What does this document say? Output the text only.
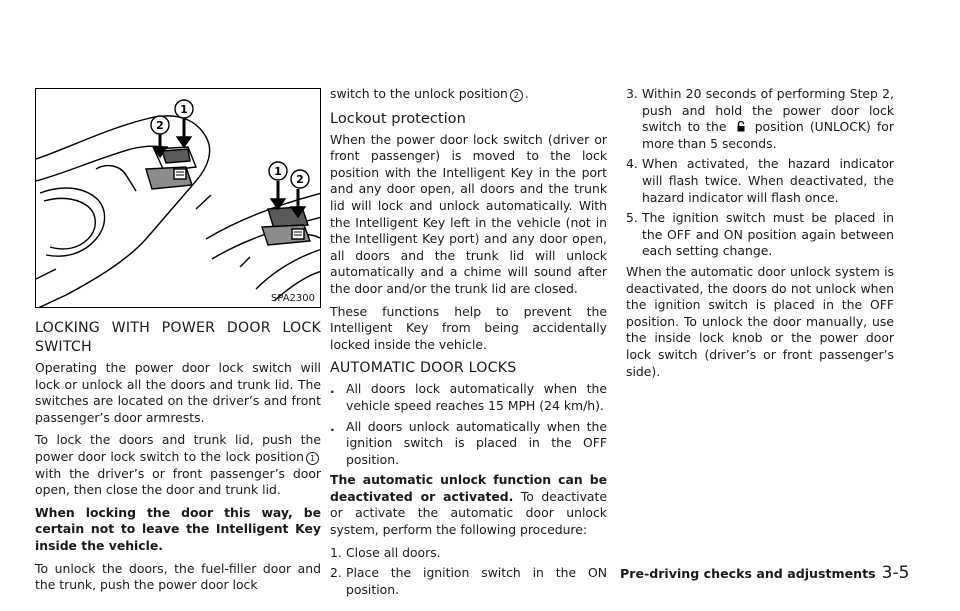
1
2
1
2
SPA2300
LOCKING WITH POWER DOOR LOCK SWITCH

Operating the power door lock switch will lock or unlock all the doors and trunk lid. The switches are located on the driver’s and front passenger’s door armrests.

To lock the doors and trunk lid, push the power door lock switch to the lock position 1with the driver’s or front passenger’s door open, then close the door and trunk lid.

When locking the door this way, be certain not to leave the Intelligent Key inside the vehicle.

To unlock the doors, the fuel-filler door and the trunk, push the power door lock

switch to the unlock position 2 .

Lockout protection

When the power door lock switch (driver or front passenger) is moved to the lock position with the Intelligent Key in the port and any door open, all doors and the trunk lid will lock and unlock automatically. With the Intelligent Key left in the vehicle (not in the Intelligent Key port) and any door open, all doors and the trunk lid will unlock automatically and a chime will sound after the door and/or the trunk lid are closed.

These functions help to prevent the Intelligent Key from being accidentally locked inside the vehicle.

AUTOMATIC DOOR LOCKS
. All doors lock automatically when the vehicle speed reaches 15 MPH (24 km/h).
. All doors unlock automatically when the ignition switch is placed in the OFF position.

The automatic unlock function can be deactivated or activated. To deactivate or activate the automatic door unlock system, perform the following procedure:

1. Close all doors.
2. Place the ignition switch in the ON position.
3. Within 20 seconds of performing Step 2, push and hold the power door lock switch to the position (UNLOCK) for more than 5 seconds.
4. When activated, the hazard indicator will flash twice. When deactivated, the hazard indicator will flash once.
5. The ignition switch must be placed in the OFF and ON position again between each setting change.

When the automatic door unlock system is deactivated, the doors do not unlock when the ignition switch is placed in the OFF position. To unlock the door manually, use the inside lock knob or the power door lock switch (driver’s or front passenger’s side).

Pre-driving checks and adjustments 3-5
